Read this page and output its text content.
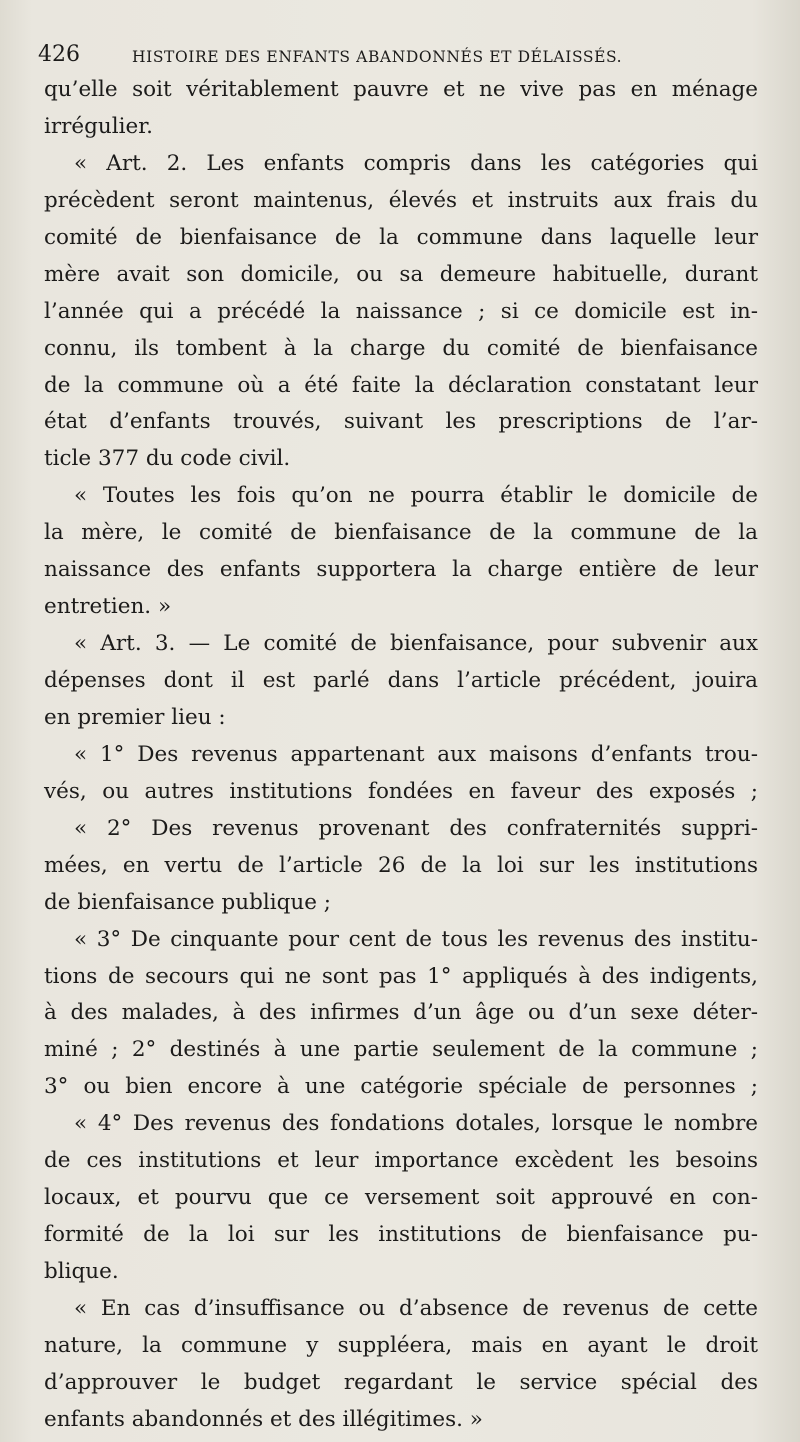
426	HISTOIRE DES ENFANTS ABANDONNÉS ET DÉLAISSÉS.
qu’elle soit véritablement pauvre et ne vive pas en ménage
irrégulier.
« Art. 2. Les enfants compris dans les catégories qui
précèdent seront maintenus, élevés et instruits aux frais du
comité de bienfaisance de la commune dans laquelle leur
mère avait son domicile, ou sa demeure habituelle, durant
l’année qui a précédé la naissance ; si ce domicile est in-
connu, ils tombent à la charge du comité de bienfaisance
de la commune où a été faite la déclaration constatant leur
état d’enfants trouvés, suivant les prescriptions de l’ar-
ticle 377 du code civil.
« Toutes les fois qu’on ne pourra établir le domicile de
la mère, le comité de bienfaisance de la commune de la
naissance des enfants supportera la charge entière de leur
entretien. »
« Art. 3. — Le comité de bienfaisance, pour subvenir aux
dépenses dont il est parlé dans l’article précédent, jouira
en premier lieu :
« 1° Des revenus appartenant aux maisons d’enfants trou-
vés, ou autres institutions fondées en faveur des exposés ;
« 2° Des revenus provenant des confraternités suppri-
mées, en vertu de l’article 26 de la loi sur les institutions
de bienfaisance publique ;
« 3° De cinquante pour cent de tous les revenus des institu-
tions de secours qui ne sont pas 1° appliqués à des indigents,
à des malades, à des infirmes d’un âge ou d’un sexe déter-
miné ; 2° destinés à une partie seulement de la commune ;
3° ou bien encore à une catégorie spéciale de personnes ;
« 4° Des revenus des fondations dotales, lorsque le nombre
de ces institutions et leur importance excèdent les besoins
locaux, et pourvu que ce versement soit approuvé en con-
formité de la loi sur les institutions de bienfaisance pu-
blique.
« En cas d’insuffisance ou d’absence de revenus de cette
nature, la commune y suppléera, mais en ayant le droit
d’approuver le budget regardant le service spécial des
enfants abandonnés et des illégitimes. »
